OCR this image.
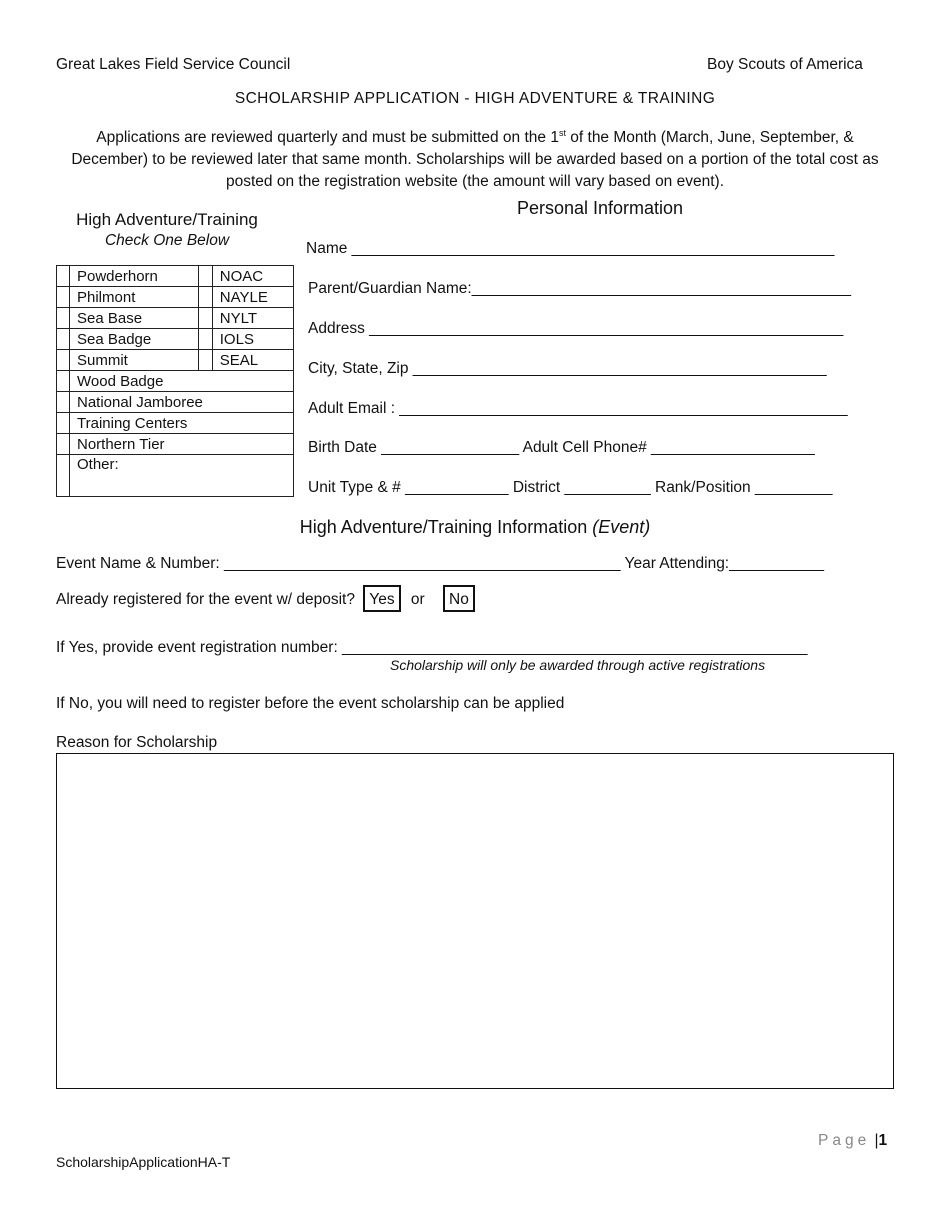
Great Lakes Field Service Council	Boy Scouts of America
SCHOLARSHIP APPLICATION - HIGH ADVENTURE & TRAINING
Applications are reviewed quarterly and must be submitted on the 1st of the Month (March, June, September, & December) to be reviewed later that same month. Scholarships will be awarded based on a portion of the total cost as posted on the registration website (the amount will vary based on event).
High Adventure/Training
Check One Below
	Powderhorn		NOAC
	Philmont		NAYLE
	Sea Base		NYLT
	Sea Badge		IOLS
	Summit		SEAL
	Wood Badge		
	National Jamboree		
	Training Centers		
	Northern Tier		
	Other:		
Personal Information
Name ________________________________________________________
Parent/Guardian Name:____________________________________________
Address _______________________________________________________
City, State, Zip ________________________________________________
Adult Email : ____________________________________________________
Birth Date ________________ Adult Cell Phone# ___________________
Unit Type & # ____________ District __________ Rank/Position _________
High Adventure/Training Information (Event)
Event Name & Number: ______________________________________________ Year Attending:___________
Already registered for the event w/ deposit? Yes or No
If Yes, provide event registration number: ______________________________________________________
Scholarship will only be awarded through active registrations
If No, you will need to register before the event scholarship can be applied
Reason for Scholarship
Page |1
ScholarshipApplicationHA-T
